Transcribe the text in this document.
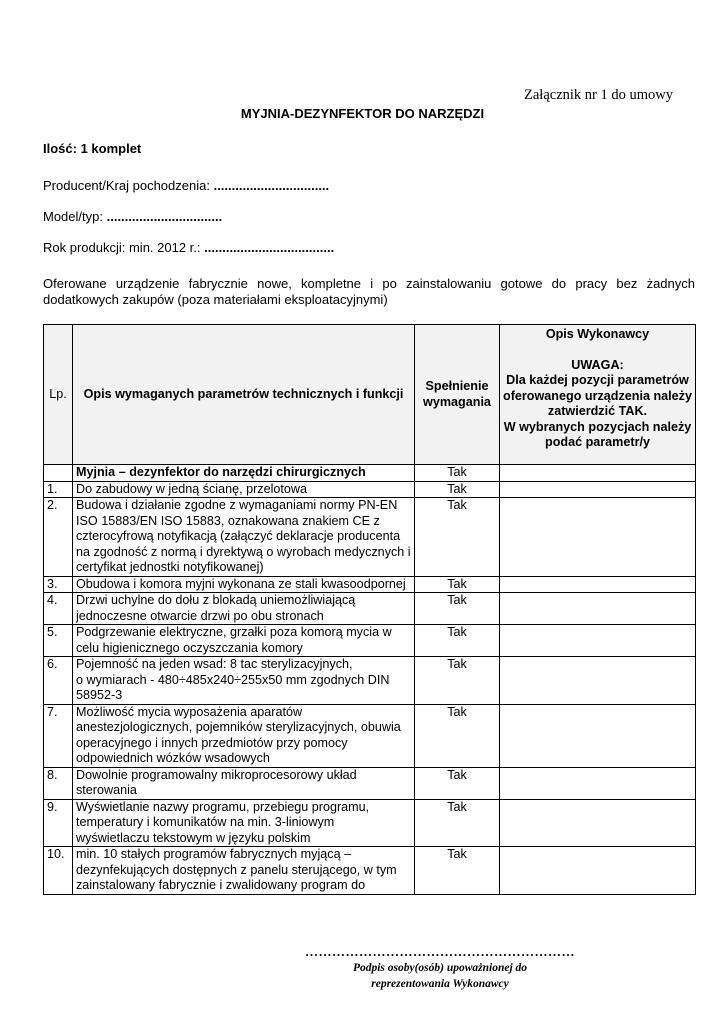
Załącznik nr 1 do umowy
MYJNIA-DEZYNFEKTOR DO NARZĘDZI
Ilość: 1 komplet
Producent/Kraj pochodzenia: ................................
Model/typ: ................................
Rok produkcji: min. 2012 r.: ....................................
Oferowane urządzenie fabrycznie nowe, kompletne i po zainstalowaniu gotowe do pracy bez żadnych dodatkowych zakupów (poza materiałami eksploatacyjnymi)
Lp.	Opis wymaganych parametrów technicznych i funkcji	Spełnienie wymagania	Opis Wykonawcy
UWAGA:
Dla każdej pozycji parametrów oferowanego urządzenia należy zatwierdzić TAK.
W wybranych pozycjach należy podać parametr/y
	Myjnia – dezynfektor do narzędzi chirurgicznych	Tak	
1.	Do zabudowy w jedną ścianę, przelotowa	Tak	
2.	Budowa i działanie zgodne z wymaganiami normy PN-EN ISO 15883/EN ISO 15883, oznakowana znakiem CE z czterocyfrową notyfikacją (załączyć deklaracje producenta na zgodność z normą i dyrektywą o wyrobach medycznych i certyfikat jednostki notyfikowanej)	Tak	
3.	Obudowa i komora myjni wykonana ze stali kwasoodpornej	Tak	
4.	Drzwi uchylne do dołu z blokadą uniemożliwiającą jednoczesne otwarcie drzwi po obu stronach	Tak	
5.	Podgrzewanie elektryczne, grzałki poza komorą mycia w celu higienicznego oczyszczania komory	Tak	
6.	Pojemność na jeden wsad: 8 tac sterylizacyjnych,
o wymiarach - 480÷485x240÷255x50 mm zgodnych DIN 58952-3	Tak	
7.	Możliwość mycia wyposażenia aparatów anestezjologicznych, pojemników sterylizacyjnych, obuwia operacyjnego i innych przedmiotów przy pomocy odpowiednich wózków wsadowych	Tak	
8.	Dowolnie programowalny mikroprocesorowy układ sterowania	Tak	
9.	Wyświetlanie nazwy programu, przebiegu programu, temperatury i komunikatów na min. 3-liniowym wyświetlaczu tekstowym w języku polskim	Tak	
10.	min. 10 stałych programów fabrycznych myjącą – dezynfekujących dostępnych z panelu sterującego, w tym zainstalowany fabrycznie i zwalidowany program do	Tak	
……………………………………………………
Podpis osoby(osób) upoważnionej do
reprezentowania Wykonawcy
